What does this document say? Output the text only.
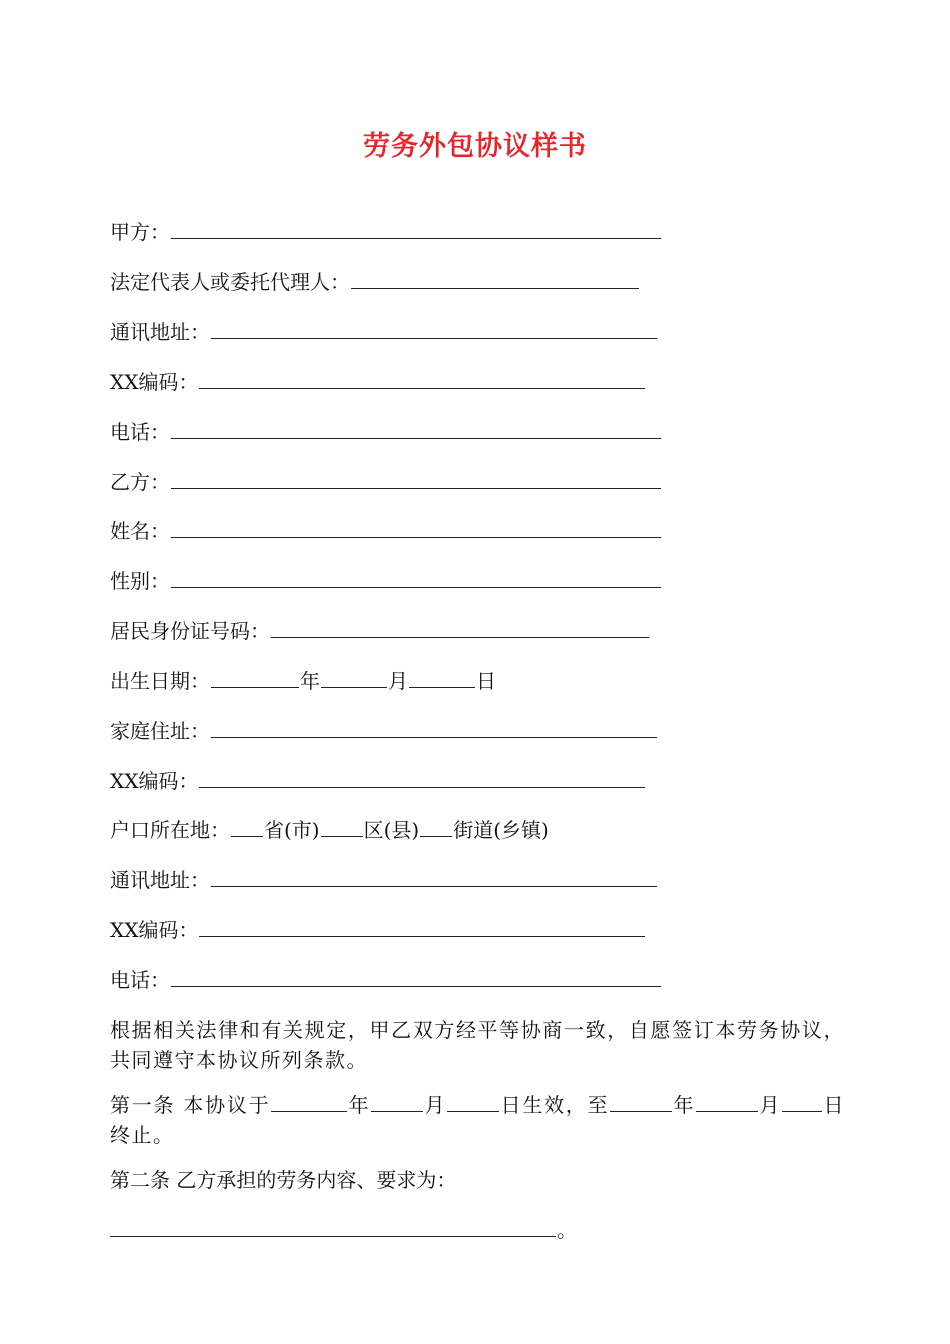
劳务外包协议样书
甲方：
法定代表人或委托代理人：
通讯地址：
XX编码：
电话：
乙方：
姓名：
性别：
居民身份证号码：
出生日期：	年	月	日
家庭住址：
XX编码：
户口所在地： 省(市) 区(县) 街道(乡镇)
通讯地址：
XX编码：
电话：
根据相关法律和有关规定，甲乙双方经平等协商一致，自愿签订本劳务协议，共同遵守本协议所列条款。
第一条 本协议于	年	月	日生效，至	年	月 日终止。
第二条 乙方承担的劳务内容、要求为：
。
